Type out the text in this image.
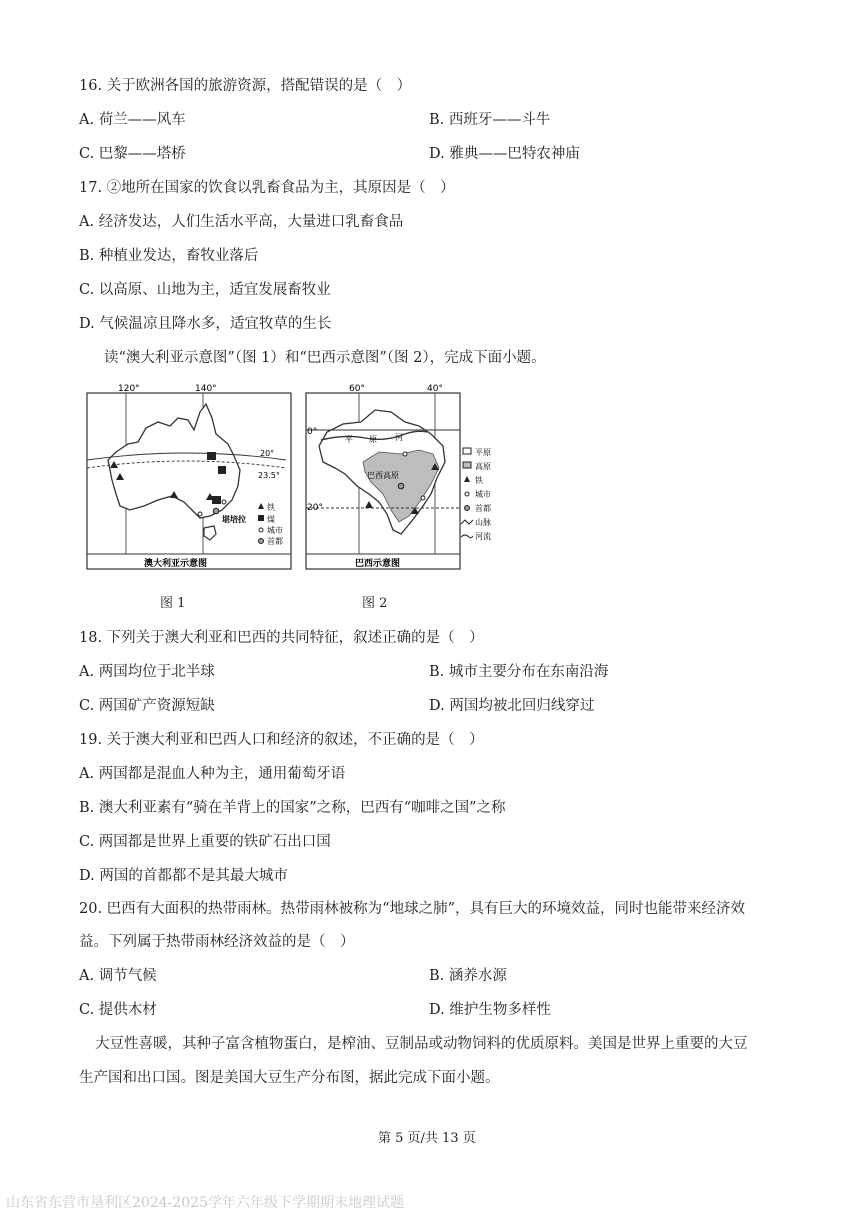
16. 关于欧洲各国的旅游资源，搭配错误的是（　）
A. 荷兰——风车	B. 西班牙——斗牛
C. 巴黎——塔桥	D. 雅典——巴特农神庙
17. ②地所在国家的饮食以乳畜食品为主，其原因是（　）
A. 经济发达，人们生活水平高，大量进口乳畜食品
B. 种植业发达，畜牧业落后
C. 以高原、山地为主，适宜发展畜牧业
D. 气候温凉且降水多，适宜牧草的生长
读“澳大利亚示意图”（图 1）和“巴西示意图”（图 2），完成下面小题。
120°	140°
20°
23.5°
堪培拉
铁
煤
城市
首都
澳大利亚示意图
60°	40°
平 原 河
0°
20°
巴西高原
平原
高原
铁
城市
首都
山脉
河流
巴西示意图
图 1	图 2
18. 下列关于澳大利亚和巴西的共同特征，叙述正确的是（　）
A. 两国均位于北半球	B. 城市主要分布在东南沿海
C. 两国矿产资源短缺	D. 两国均被北回归线穿过
19. 关于澳大利亚和巴西人口和经济的叙述，不正确的是（　）
A. 两国都是混血人种为主，通用葡萄牙语
B. 澳大利亚素有“骑在羊背上的国家”之称，巴西有“咖啡之国”之称
C. 两国都是世界上重要的铁矿石出口国
D. 两国的首都都不是其最大城市
20. 巴西有大面积的热带雨林。热带雨林被称为“地球之肺”，具有巨大的环境效益，同时也能带来经济效
益。下列属于热带雨林经济效益的是（　）
A. 调节气候	B. 涵养水源
C. 提供木材	D. 维护生物多样性
大豆性喜暖，其种子富含植物蛋白，是榨油、豆制品或动物饲料的优质原料。美国是世界上重要的大豆
生产国和出口国。图是美国大豆生产分布图，据此完成下面小题。
第 5 页/共 13 页
山东省东营市垦利区2024-2025学年六年级下学期期末地理试题
